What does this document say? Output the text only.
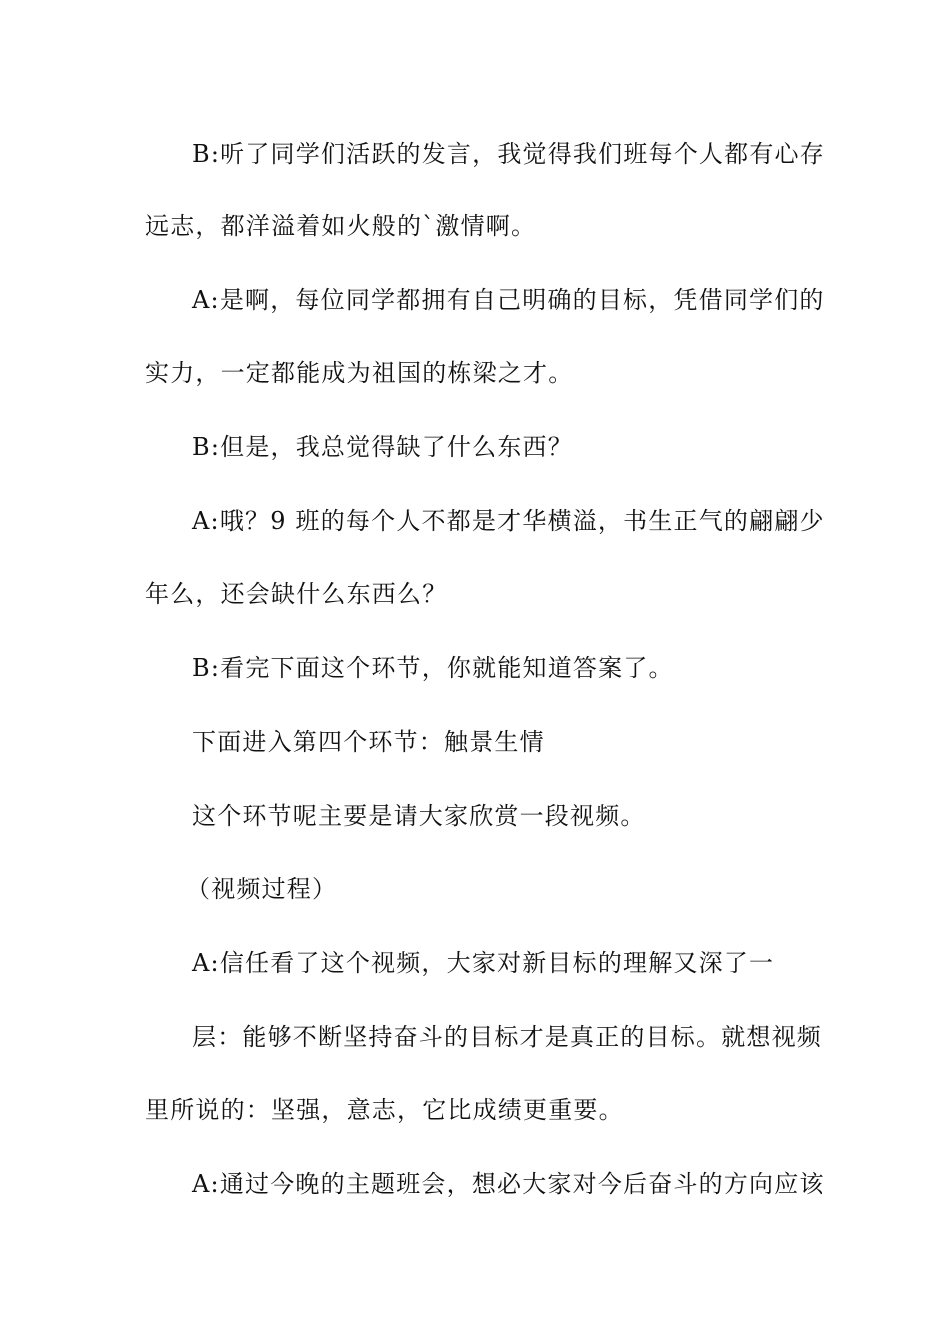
B:听了同学们活跃的发言，我觉得我们班每个人都有心存
远志，都洋溢着如火般的`激情啊。
A:是啊，每位同学都拥有自己明确的目标，凭借同学们的
实力，一定都能成为祖国的栋梁之才。
B:但是，我总觉得缺了什么东西？
A:哦？9 班的每个人不都是才华横溢，书生正气的翩翩少
年么，还会缺什么东西么？
B:看完下面这个环节，你就能知道答案了。
下面进入第四个环节：触景生情
这个环节呢主要是请大家欣赏一段视频。
（视频过程）
A:信任看了这个视频，大家对新目标的理解又深了一
层：能够不断坚持奋斗的目标才是真正的目标。就想视频
里所说的：坚强，意志，它比成绩更重要。
A:通过今晚的主题班会，想必大家对今后奋斗的方向应该
